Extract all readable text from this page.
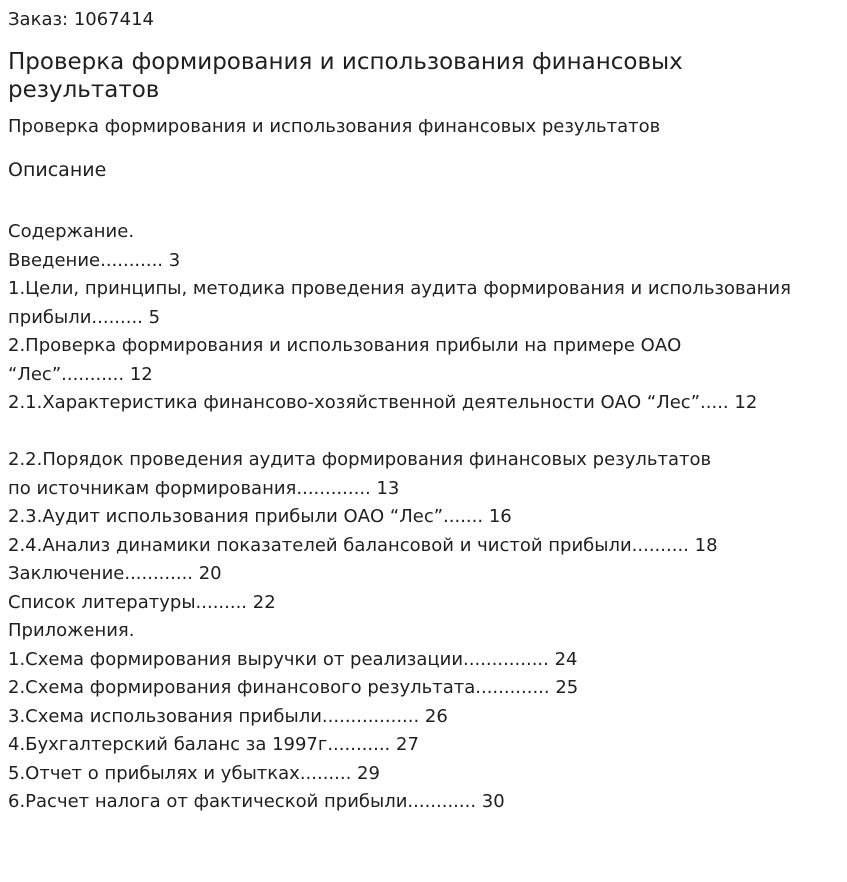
Заказ: 1067414
Проверка формирования и использования финансовых результатов
Проверка формирования и использования финансовых результатов
Описание
Содержание.
Введение........... 3
1.Цели, принципы, методика проведения аудита формирования и использования
прибыли......... 5
2.Проверка формирования и использования прибыли на примере ОАО
“Лес”........... 12
2.1.Характеристика финансово-хозяйственной деятельности ОАО “Лес”..... 12
2.2.Порядок проведения аудита формирования финансовых результатов
по источникам формирования............. 13
2.3.Аудит использования прибыли ОАО “Лес”....... 16
2.4.Анализ динамики показателей балансовой и чистой прибыли.......... 18
Заключение............ 20
Список литературы......... 22
Приложения.
1.Схема формирования выручки от реализации............... 24
2.Схема формирования финансового результата............. 25
3.Схема использования прибыли................. 26
4.Бухгалтерский баланс за 1997г........... 27
5.Отчет о прибылях и убытках......... 29
6.Расчет налога от фактической прибыли............ 30
